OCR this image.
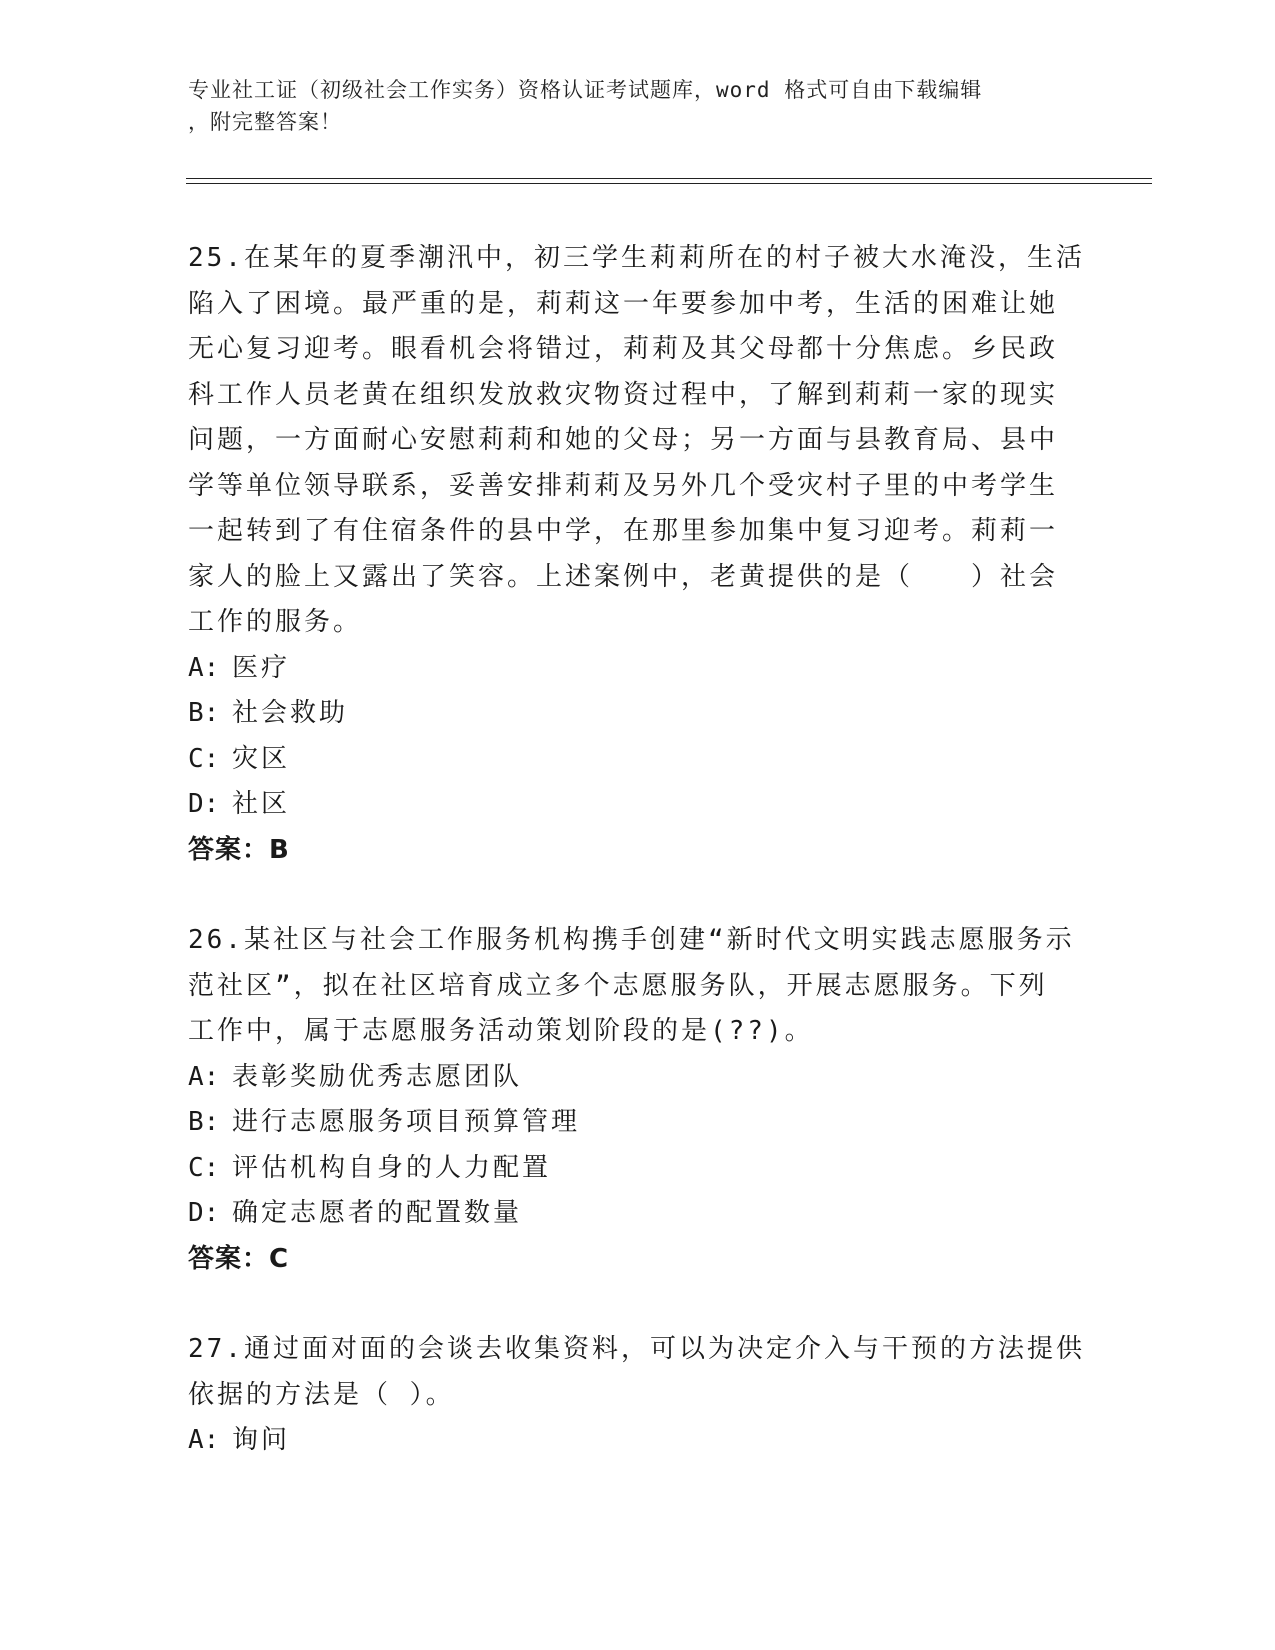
专业社工证（初级社会工作实务）资格认证考试题库，word 格式可自由下载编辑
，附完整答案！
25.在某年的夏季潮汛中，初三学生莉莉所在的村子被大水淹没，生活
陷入了困境。最严重的是，莉莉这一年要参加中考，生活的困难让她
无心复习迎考。眼看机会将错过，莉莉及其父母都十分焦虑。乡民政
科工作人员老黄在组织发放救灾物资过程中，了解到莉莉一家的现实
问题，一方面耐心安慰莉莉和她的父母；另一方面与县教育局、县中
学等单位领导联系，妥善安排莉莉及另外几个受灾村子里的中考学生
一起转到了有住宿条件的县中学，在那里参加集中复习迎考。莉莉一
家人的脸上又露出了笑容。上述案例中，老黄提供的是（　　）社会
工作的服务。
A: 医疗
B: 社会救助
C: 灾区
D: 社区
答案：B
26.某社区与社会工作服务机构携手创建“新时代文明实践志愿服务示
范社区”，拟在社区培育成立多个志愿服务队，开展志愿服务。下列
工作中，属于志愿服务活动策划阶段的是(??)。
A: 表彰奖励优秀志愿团队
B: 进行志愿服务项目预算管理
C: 评估机构自身的人力配置
D: 确定志愿者的配置数量
答案：C
27.通过面对面的会谈去收集资料，可以为决定介入与干预的方法提供
依据的方法是（ ）。
A: 询问
